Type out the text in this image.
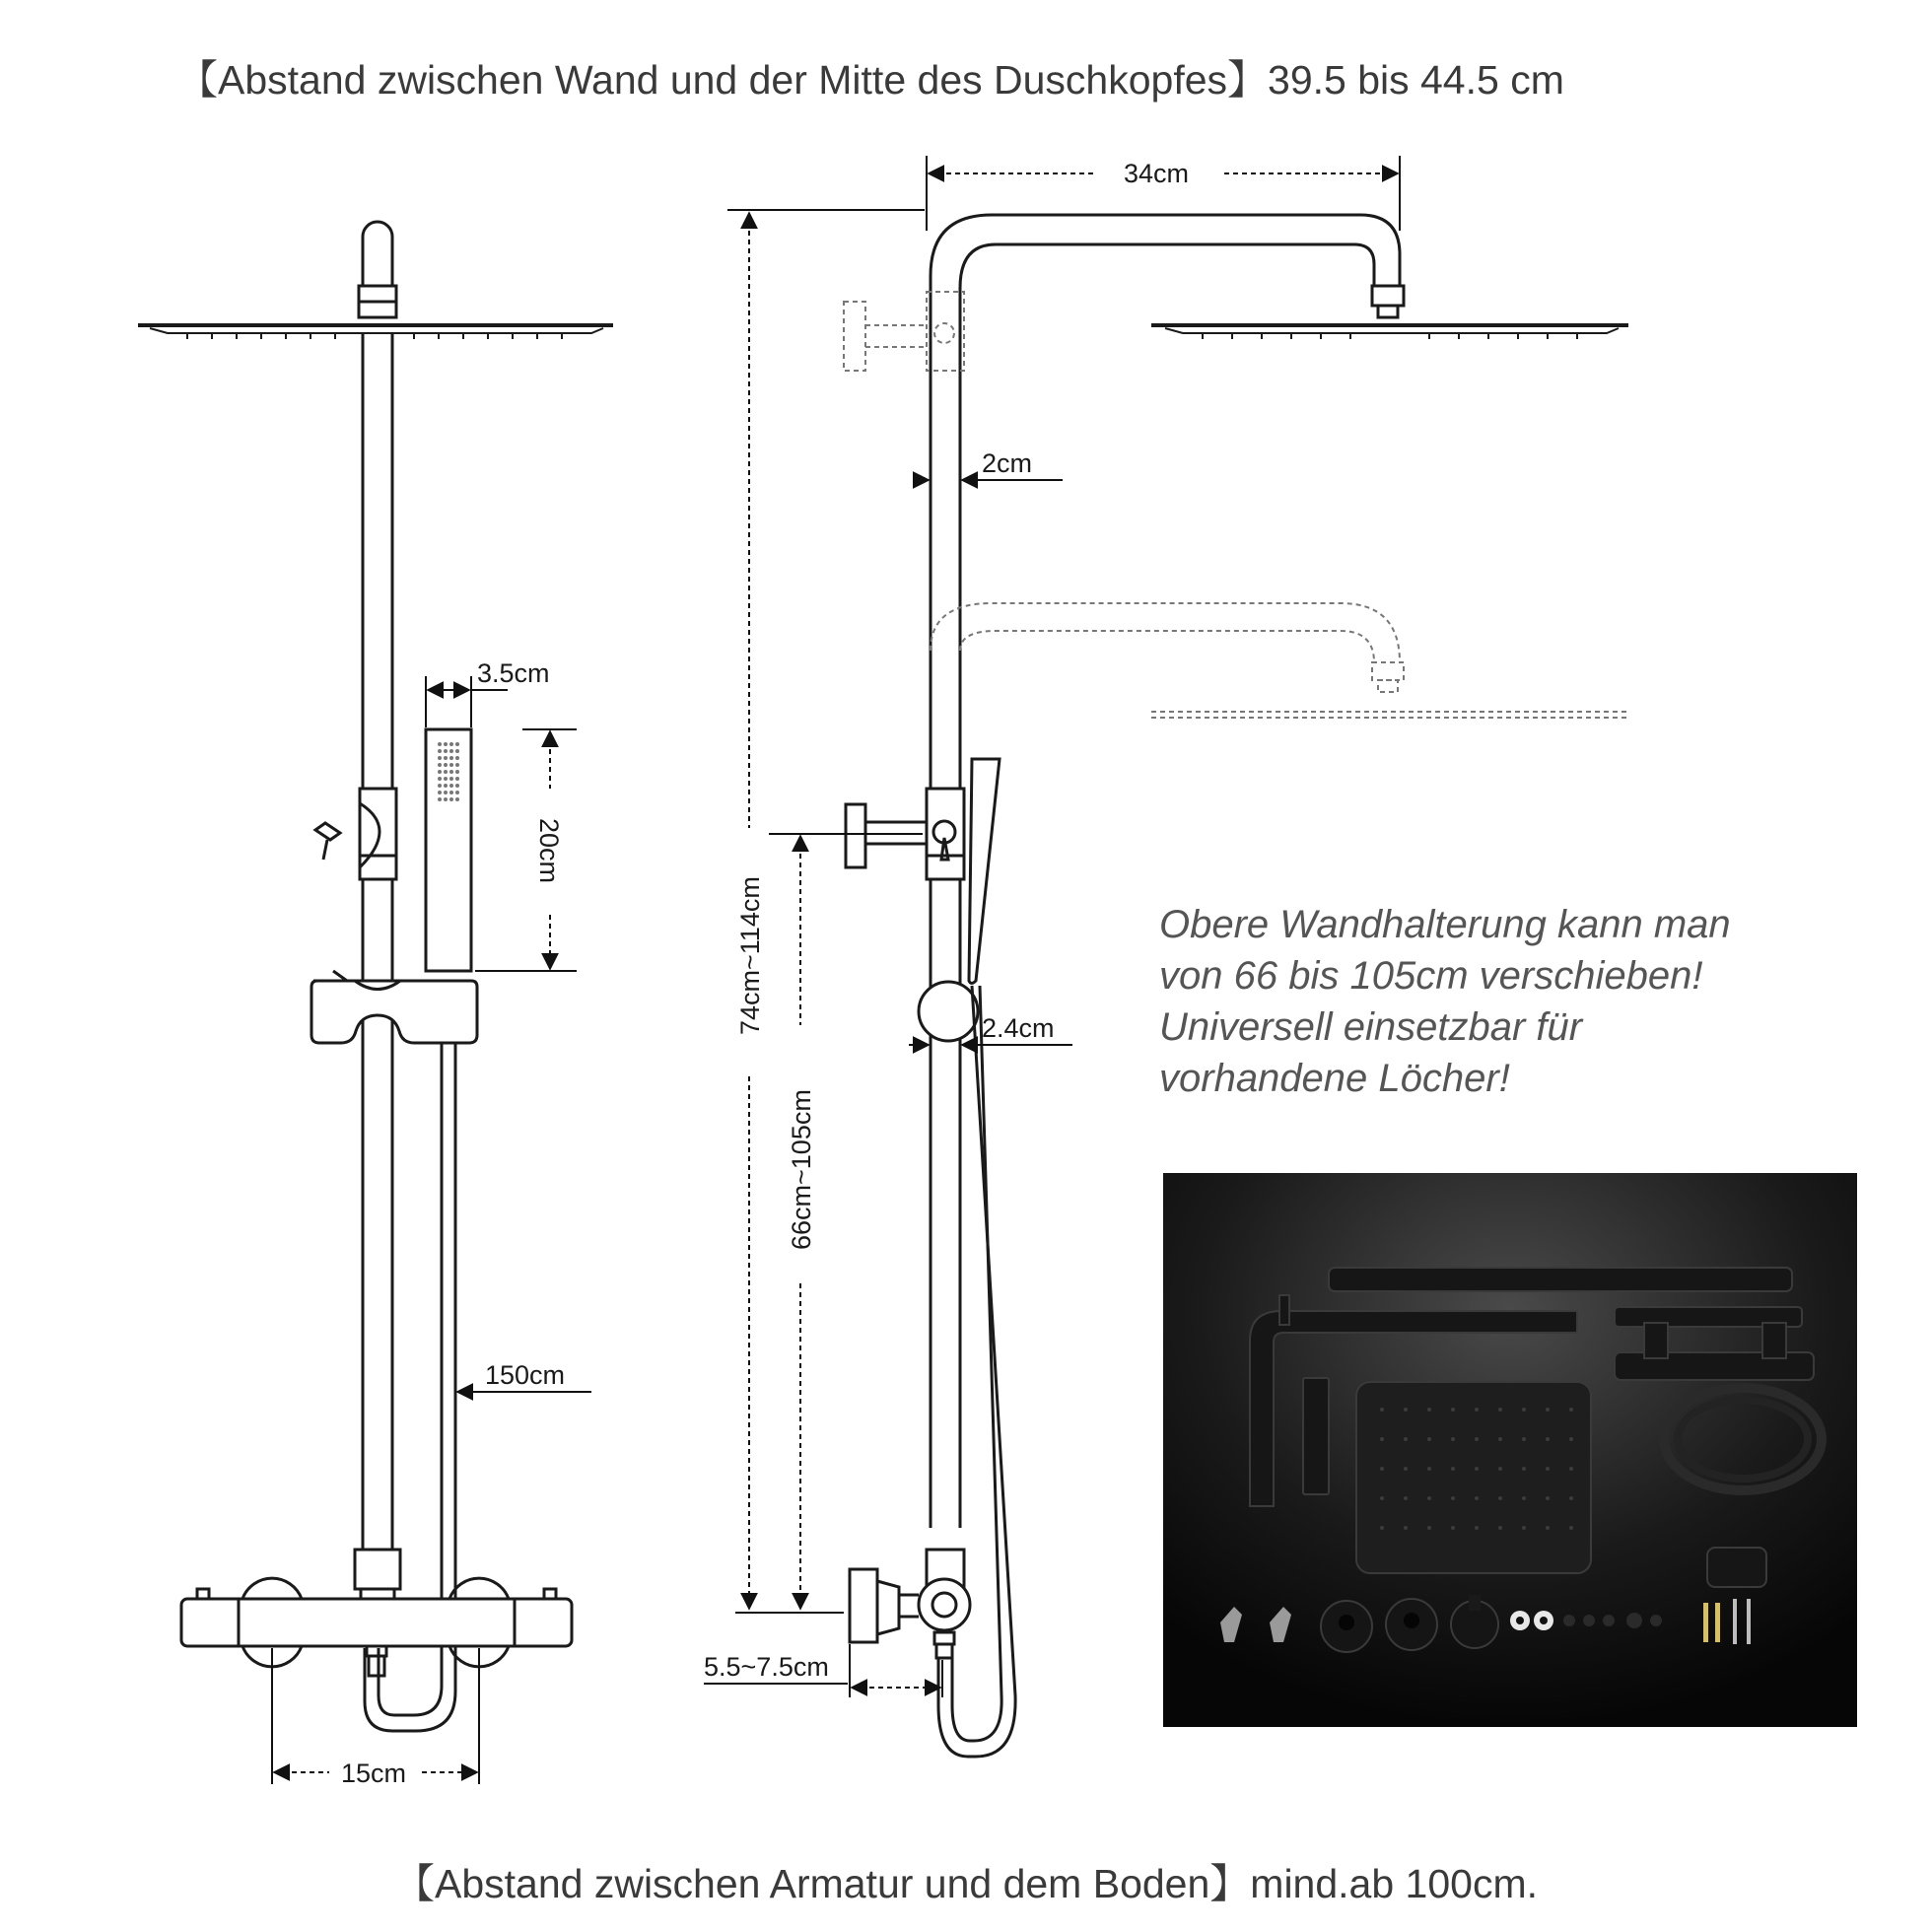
3.5cm
20cm
150cm
15cm
34cm
2cm
2.4cm
74cm~114cm
66cm~105cm
5.5~7.5cm
【Abstand zwischen Wand und der Mitte des Duschkopfes】39.5 bis 44.5 cm
【Abstand zwischen Armatur und dem Boden】mind.ab 100cm.
Obere Wandhalterung kann man
von 66 bis 105cm verschieben!
Universell einsetzbar für
vorhandene Löcher!
